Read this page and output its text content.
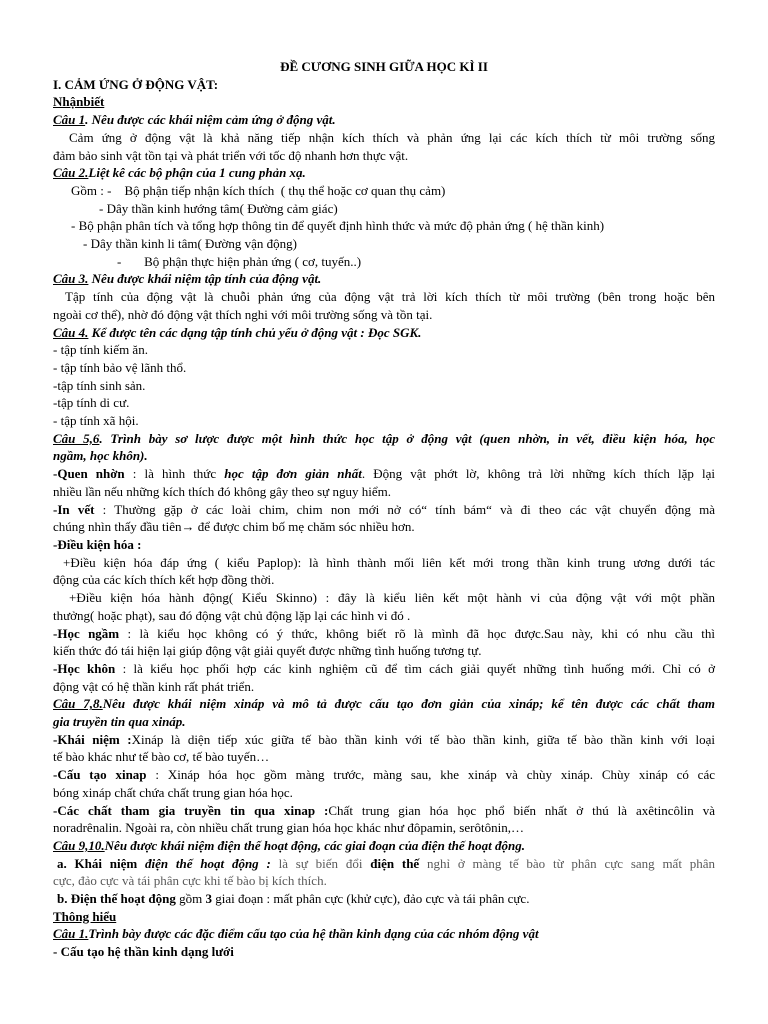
ĐỀ CƯƠNG SINH GIỮA HỌC KÌ II
I. CẢM ỨNG Ở ĐỘNG VẬT:
Nhậnbiết
Câu 1. Nêu được các khái niệm cảm ứng ở động vật.
Cảm ứng ở động vật là khả năng tiếp nhận kích thích và phản ứng lại các kích thích từ môi trường sống
đảm bảo sinh vật tồn tại và phát triển với tốc độ nhanh hơn thực vật.
Câu 2.Liệt kê các bộ phận của 1 cung phản xạ.
Gồm : -    Bộ phận tiếp nhận kích thích  ( thụ thể hoặc cơ quan thụ cảm)
- Dây thần kinh hướng tâm( Đường cảm giác)
- Bộ phận phân tích và tổng hợp thông tin để quyết định hình thức và mức độ phản ứng ( hệ thần kinh)
- Dây thần kinh li tâm( Đường vận động)
-       Bộ phận thực hiện phản ứng ( cơ, tuyến..)
Câu 3. Nêu được khái niệm tập tính của động vật.
Tập tính của động vật là chuỗi phản ứng của động vật trả lời kích thích từ môi trường (bên trong hoặc bên
ngoài cơ thể), nhờ đó động vật thích nghi với môi trường sống và tồn tại.
Câu 4. Kể được tên các dạng tập tính chủ yếu ở động vật : Đọc SGK.
- tập tính kiếm ăn.
- tập tính bảo vệ lãnh thổ.
-tập tính sinh sản.
-tập tính di cư.
- tập tính xã hội.
Câu 5,6. Trình bày sơ lược được một hình thức học tập ở động vật (quen nhờn, in vết, điều kiện hóa, học
ngầm, học khôn).
-Quen nhờn : là hình thức học tập đơn giản nhất. Động vật phớt lờ, không trả lời những kích thích lặp lại
nhiều lần nếu những kích thích đó không gây theo sự nguy hiểm.
-In vết : Thường gặp ở các loài chim, chim non mới nở có“ tính bám“ và đi theo các vật chuyển động mà
chúng nhìn thấy đầu tiên→ để được chim bố mẹ chăm sóc nhiều hơn.
-Điều kiện hóa :
+Điều kiện hóa đáp ứng ( kiểu Paplop): là hình thành mối liên kết mới trong thần kinh trung ương dưới tác
động của các kích thích kết hợp đồng thời.
+Điều kiện hóa hành động( Kiểu Skinno) : đây là kiểu liên kết một hành vi của động vật với một phần
thưởng( hoặc phạt), sau đó động vật chủ động lặp lại các hình vi đó .
-Học ngầm : là kiểu học không có ý thức, không biết rõ là mình đã học được.Sau này, khi có nhu cầu thì
kiến thức đó tái hiện lại giúp động vật giải quyết được những tình huống tương tự.
-Học khôn : là kiểu học phối hợp các kinh nghiệm cũ để tìm cách giải quyết những tình huống mới. Chỉ có ở
động vật có hệ thần kinh rất phát triển.
Câu 7,8.Nêu được khái niệm xináp và mô tả được cấu tạo đơn giản của xináp; kể tên được các chất tham
gia truyền tin qua xináp.
-Khái niệm :Xináp là diện tiếp xúc giữa tế bào thần kinh với tế bào thần kinh, giữa tế bào thần kinh với loại
tế bào khác như tế bào cơ, tế bào tuyến…
-Cấu tạo xinap : Xináp hóa học gồm màng trước, màng sau, khe xináp và chùy xináp. Chùy xináp có các
bóng xináp chất chứa chất trung gian hóa học.
-Các chất tham gia truyền tin qua xinap :Chất trung gian hóa học phổ biến nhất ở thú là axêtincôlin và
noradrênalin. Ngoài ra, còn nhiều chất trung gian hóa học khác như đôpamin, serôtônin,…
Câu 9,10.Nêu được khái niệm điện thế hoạt động, các giai đoạn của điện thế hoạt động.
a. Khái niệm điện thế hoạt động : là sự biến đổi điện thế nghỉ ở màng tế bào từ phân cực sang mất phân
cực, đảo cực và tái phân cực khi tế bào bị kích thích.
b. Điện thế hoạt động gồm 3 giai đoạn : mất phân cực (khử cực), đảo cực và tái phân cực.
Thông hiểu
Câu 1.Trình bày được các đặc điểm cấu tạo của hệ thần kinh dạng của các nhóm động vật
- Cấu tạo hệ thần kinh dạng lưới
